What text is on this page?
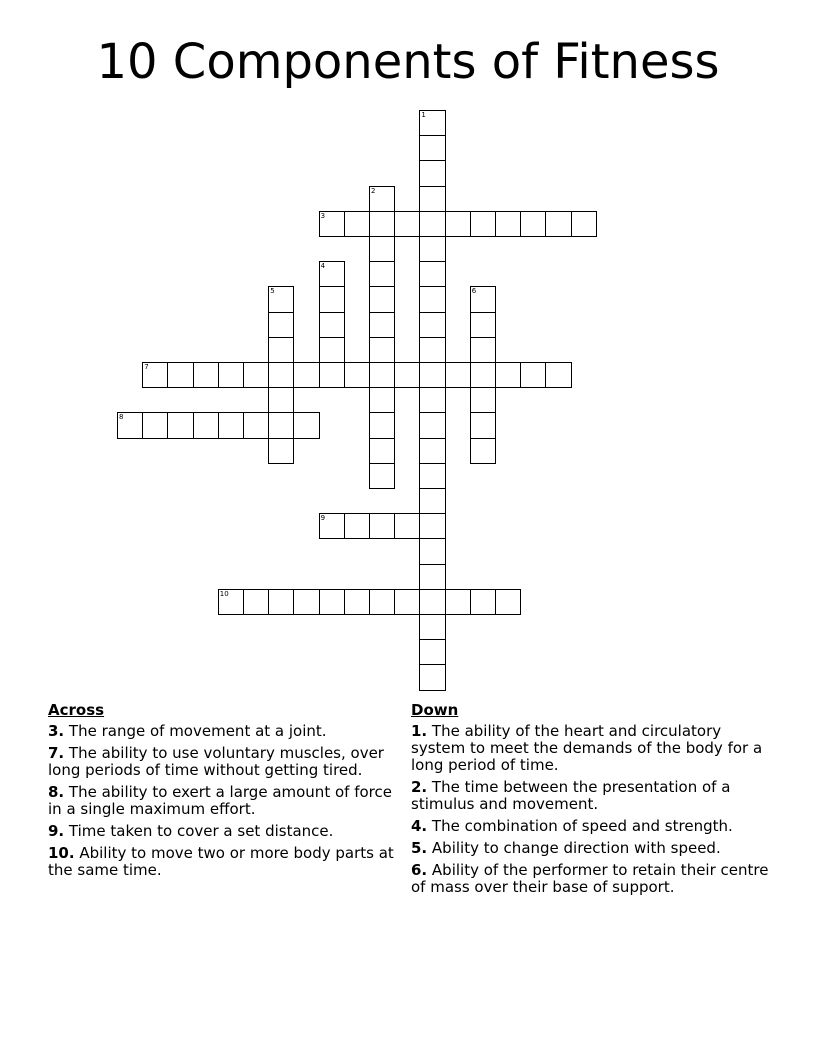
10 Components of Fitness
1
2
3
4
5	6
7
8
9
10
Across
3. The range of movement at a joint.
7. The ability to use voluntary muscles, over long periods of time without getting tired.
8. The ability to exert a large amount of force in a single maximum effort.
9. Time taken to cover a set distance.
10. Ability to move two or more body parts at the same time.
Down
1. The ability of the heart and circulatory system to meet the demands of the body for a long period of time.
2. The time between the presentation of a stimulus and movement.
4. The combination of speed and strength.
5. Ability to change direction with speed.
6. Ability of the performer to retain their centre of mass over their base of support.
